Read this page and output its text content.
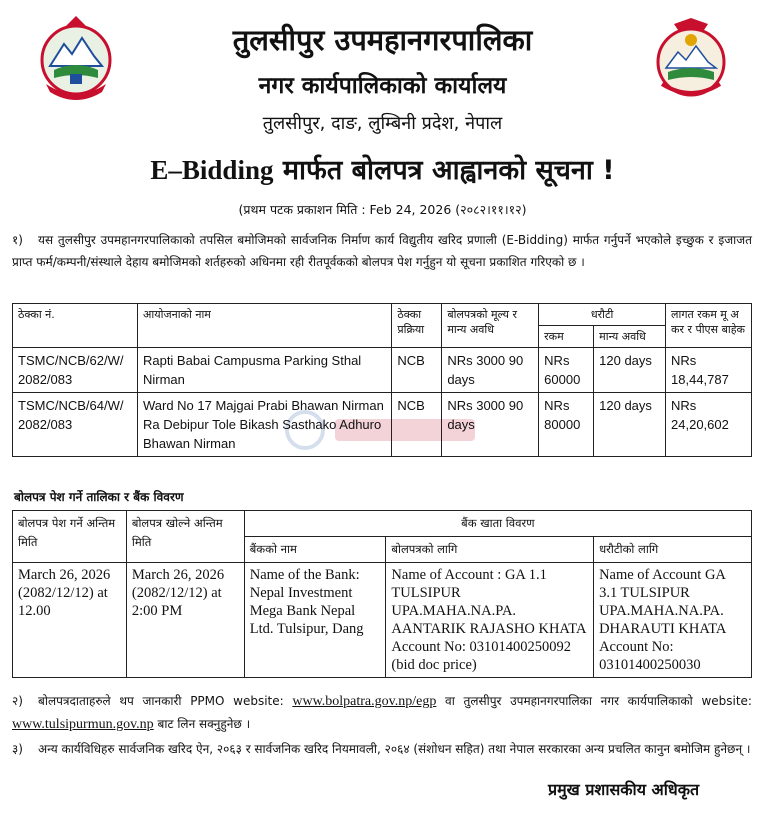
तुलसीपुर उपमहानगरपालिका
नगर कार्यपालिकाको कार्यालय
तुलसीपुर, दाङ, लुम्बिनी प्रदेश, नेपाल
E–Bidding मार्फत बोलपत्र आह्वानको सूचना !
(प्रथम पटक प्रकाशन मिति : Feb 24, 2026 (२०८२।११।१२)
१) यस तुलसीपुर उपमहानगरपालिकाको तपसिल बमोजिमको सार्वजनिक निर्माण कार्य विद्युतीय खरिद प्रणाली (E-Bidding) मार्फत गर्नुपर्ने भएकोले इच्छुक र इजाजत प्राप्त फर्म/कम्पनी/संस्थाले देहाय बमोजिमको शर्तहरुको अधिनमा रही रीतपूर्वकको बोलपत्र पेश गर्नुहुन यो सूचना प्रकाशित गरिएको छ ।
ठेक्का नं.	आयोजनाको नाम	ठेक्का प्रक्रिया	बोलपत्रको मूल्य र मान्य अवधि	धरौटी		लागत रकम मू अ कर र पीएस बाहेक
				रकम	मान्य अवधि	
TSMC/NCB/62/W/ 2082/083	Rapti Babai Campusma Parking Sthal Nirman	NCB	NRs 3000 90 days	NRs 60000	120 days	NRs 18,44,787
TSMC/NCB/64/W/ 2082/083	Ward No 17 Majgai Prabi Bhawan Nirman Ra Debipur Tole Bikash Sasthako Adhuro Bhawan Nirman	NCB	NRs 3000 90 days	NRs 80000	120 days	NRs 24,20,602
बोलपत्र पेश गर्ने तालिका र बैंक विवरण
बोलपत्र पेश गर्ने अन्तिम मिति	बोलपत्र खोल्ने अन्तिम मिति	बैंक खाता विवरण		
		बैंकको नाम	बोलपत्रको लागि	धरौटीको लागि
March 26, 2026 (2082/12/12) at 12.00	March 26, 2026 (2082/12/12) at 2:00 PM	Name of the Bank: Nepal Investment Mega Bank Nepal Ltd. Tulsipur, Dang	Name of Account : GA 1.1 TULSIPUR UPA.MAHA.NA.PA. AANTARIK RAJASHO KHATA Account No: 03101400250092 (bid doc price)	Name of Account GA 3.1 TULSIPUR UPA.MAHA.NA.PA. DHARAUTI KHATA Account No: 03101400250030
२) बोलपत्रदाताहरुले थप जानकारी PPMO website: www.bolpatra.gov.np/egp वा तुलसीपुर उपमहानगरपालिका नगर कार्यपालिकाको website: www.tulsipurmun.gov.np बाट लिन सक्नुहुनेछ ।
३) अन्य कार्यविधिहरु सार्वजनिक खरिद ऐन, २०६३ र सार्वजनिक खरिद नियमावली, २०६४ (संशोधन सहित) तथा नेपाल सरकारका अन्य प्रचलित कानुन बमोजिम हुनेछन् ।
प्रमुख प्रशासकीय अधिकृत
